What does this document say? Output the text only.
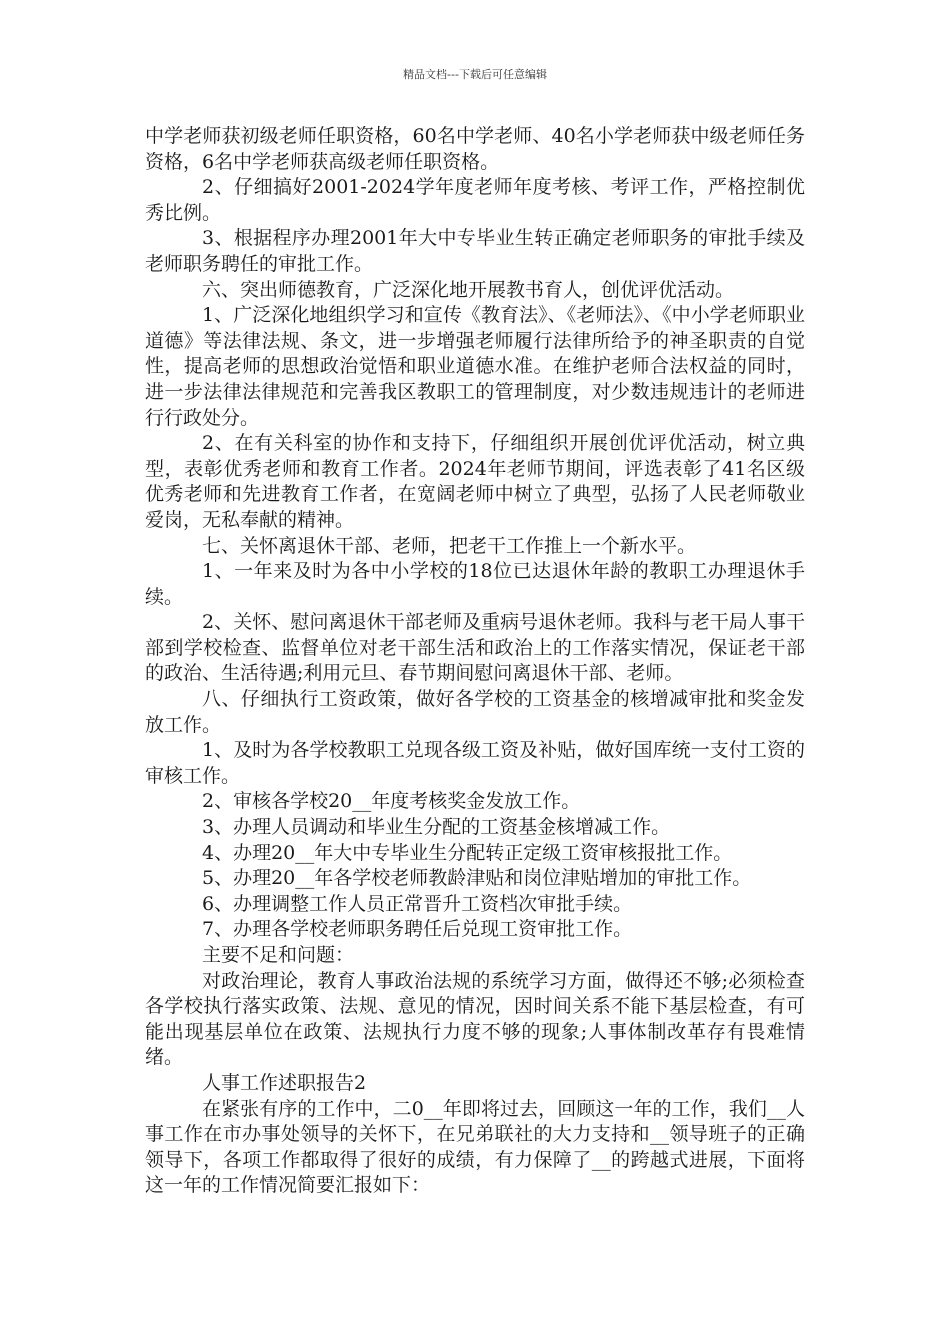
精品文档---下载后可任意编辑

中学老师获初级老师任职资格，60名中学老师、40名小学老师获中级老师任务资格，6名中学老师获高级老师任职资格。

2、仔细搞好2001-2024学年度老师年度考核、考评工作，严格控制优秀比例。

3、根据程序办理2001年大中专毕业生转正确定老师职务的审批手续及老师职务聘任的审批工作。

六、突出师德教育，广泛深化地开展教书育人，创优评优活动。

1、广泛深化地组织学习和宣传《教育法》、《老师法》、《中小学老师职业道德》等法律法规、条文，进一步增强老师履行法律所给予的神圣职责的自觉性，提高老师的思想政治觉悟和职业道德水准。在维护老师合法权益的同时，进一步法律法律规范和完善我区教职工的管理制度，对少数违规违计的老师进行行政处分。

2、在有关科室的协作和支持下，仔细组织开展创优评优活动，树立典型，表彰优秀老师和教育工作者。2024年老师节期间，评选表彰了41名区级优秀老师和先进教育工作者，在宽阔老师中树立了典型，弘扬了人民老师敬业爱岗，无私奉献的精神。

七、关怀离退休干部、老师，把老干工作推上一个新水平。

1、一年来及时为各中小学校的18位已达退休年龄的教职工办理退休手续。

2、关怀、慰问离退休干部老师及重病号退休老师。我科与老干局人事干部到学校检查、监督单位对老干部生活和政治上的工作落实情况，保证老干部的政治、生活待遇;利用元旦、春节期间慰问离退休干部、老师。

八、仔细执行工资政策，做好各学校的工资基金的核增减审批和奖金发放工作。

1、及时为各学校教职工兑现各级工资及补贴，做好国库统一支付工资的审核工作。

2、审核各学校20__年度考核奖金发放工作。

3、办理人员调动和毕业生分配的工资基金核增减工作。

4、办理20__年大中专毕业生分配转正定级工资审核报批工作。

5、办理20__年各学校老师教龄津贴和岗位津贴增加的审批工作。

6、办理调整工作人员正常晋升工资档次审批手续。

7、办理各学校老师职务聘任后兑现工资审批工作。

主要不足和问题：

对政治理论，教育人事政治法规的系统学习方面，做得还不够;必须检查各学校执行落实政策、法规、意见的情况，因时间关系不能下基层检查，有可能出现基层单位在政策、法规执行力度不够的现象;人事体制改革存有畏难情绪。

人事工作述职报告2

在紧张有序的工作中，二0__年即将过去，回顾这一年的工作，我们__人事工作在市办事处领导的关怀下，在兄弟联社的大力支持和__领导班子的正确领导下，各项工作都取得了很好的成绩，有力保障了__的跨越式进展，下面将这一年的工作情况简要汇报如下：
